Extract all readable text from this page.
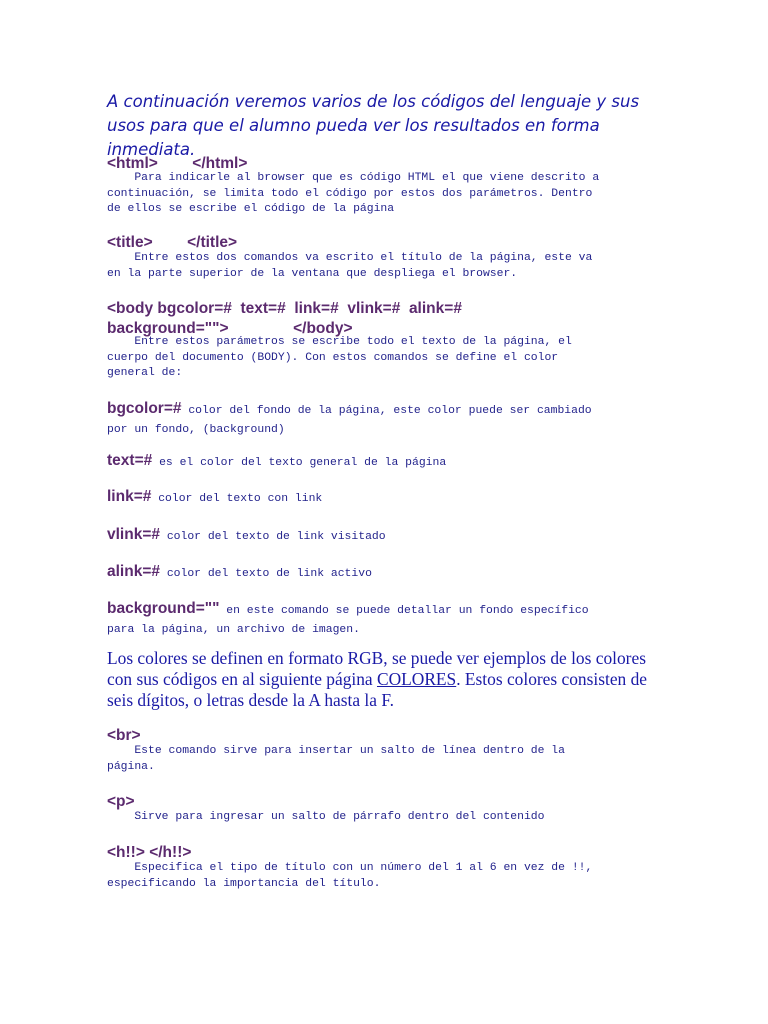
A continuación veremos varios de los códigos del lenguaje y sus usos para que el alumno pueda ver los resultados en forma inmediata.

<html>        </html>

Para indicarle al browser que es código HTML el que viene descrito a
continuación, se limita todo el código por estos dos parámetros. Dentro
de ellos se escribe el código de la página

<title>        </title>

Entre estos dos comandos va escrito el título de la página, este va
en la parte superior de la ventana que despliega el browser.

<body bgcolor=#  text=#  link=#  vlink=#  alink=#
background="">               </body>

Entre estos parámetros se escribe todo el texto de la página, el
cuerpo del documento (BODY). Con estos comandos se define el color
general de:

bgcolor=# color del fondo de la página, este color puede ser cambiado
por un fondo, (background)

text=# es el color del texto general de la página

link=# color del texto con link

vlink=# color del texto de link visitado

alink=# color del texto de link activo

background="" en este comando se puede detallar un fondo específico
para la página, un archivo de imagen.

Los colores se definen en formato RGB, se puede ver ejemplos de los colores con sus códigos en al siguiente página COLORES. Estos colores consisten de seis dígitos, o letras desde la A hasta la F.

<br>

Este comando sirve para insertar un salto de línea dentro de la
página.

<p>

Sirve para ingresar un salto de párrafo dentro del contenido

<h!!> </h!!>

Especifica el tipo de título con un número del 1 al 6 en vez de !!,
especificando la importancia del título.
